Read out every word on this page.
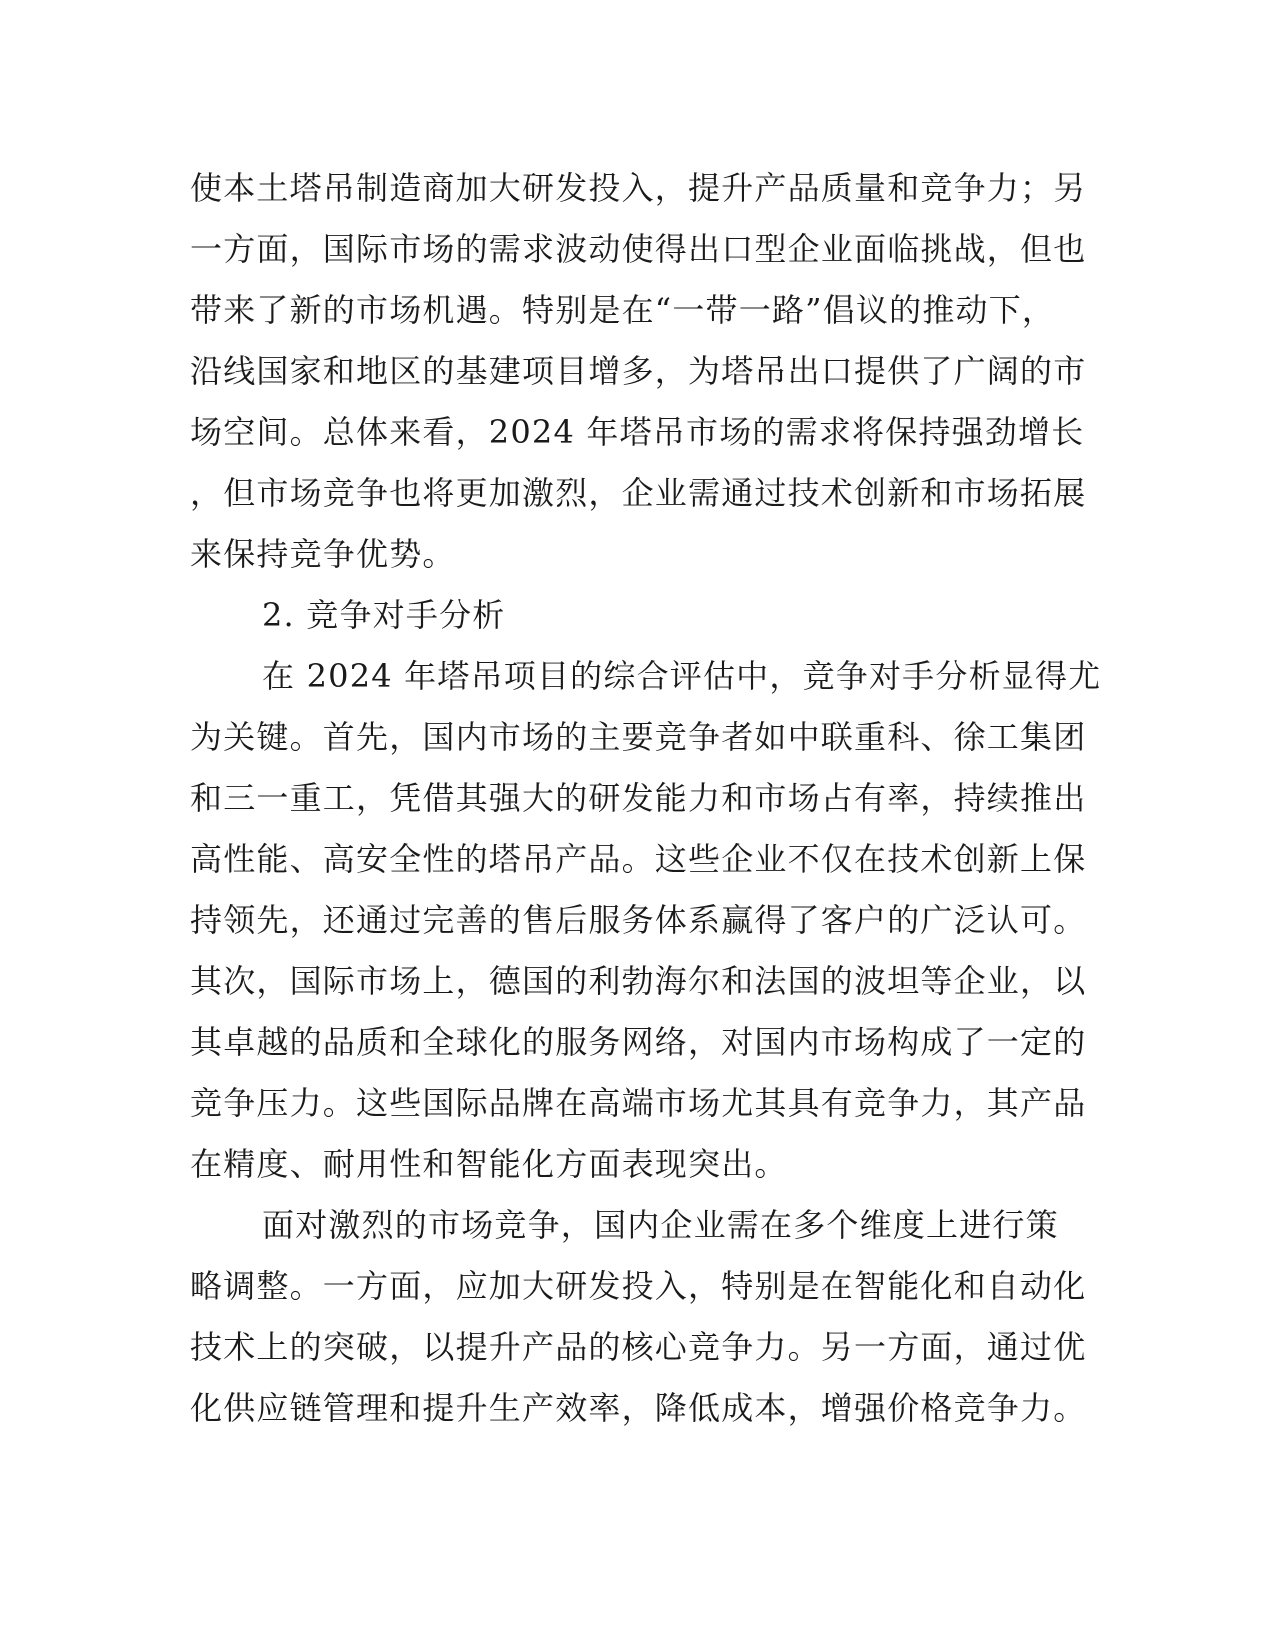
使本土塔吊制造商加大研发投入，提升产品质量和竞争力；另

一方面，国际市场的需求波动使得出口型企业面临挑战，但也

带来了新的市场机遇。特别是在“一带一路”倡议的推动下，

沿线国家和地区的基建项目增多，为塔吊出口提供了广阔的市

场空间。总体来看，2024 年塔吊市场的需求将保持强劲增长

，但市场竞争也将更加激烈，企业需通过技术创新和市场拓展

来保持竞争优势。

2. 竞争对手分析

在 2024 年塔吊项目的综合评估中，竞争对手分析显得尤

为关键。首先，国内市场的主要竞争者如中联重科、徐工集团

和三一重工，凭借其强大的研发能力和市场占有率，持续推出

高性能、高安全性的塔吊产品。这些企业不仅在技术创新上保

持领先，还通过完善的售后服务体系赢得了客户的广泛认可。

其次，国际市场上，德国的利勃海尔和法国的波坦等企业，以

其卓越的品质和全球化的服务网络，对国内市场构成了一定的

竞争压力。这些国际品牌在高端市场尤其具有竞争力，其产品

在精度、耐用性和智能化方面表现突出。

面对激烈的市场竞争，国内企业需在多个维度上进行策

略调整。一方面，应加大研发投入，特别是在智能化和自动化

技术上的突破，以提升产品的核心竞争力。另一方面，通过优

化供应链管理和提升生产效率，降低成本，增强价格竞争力。
